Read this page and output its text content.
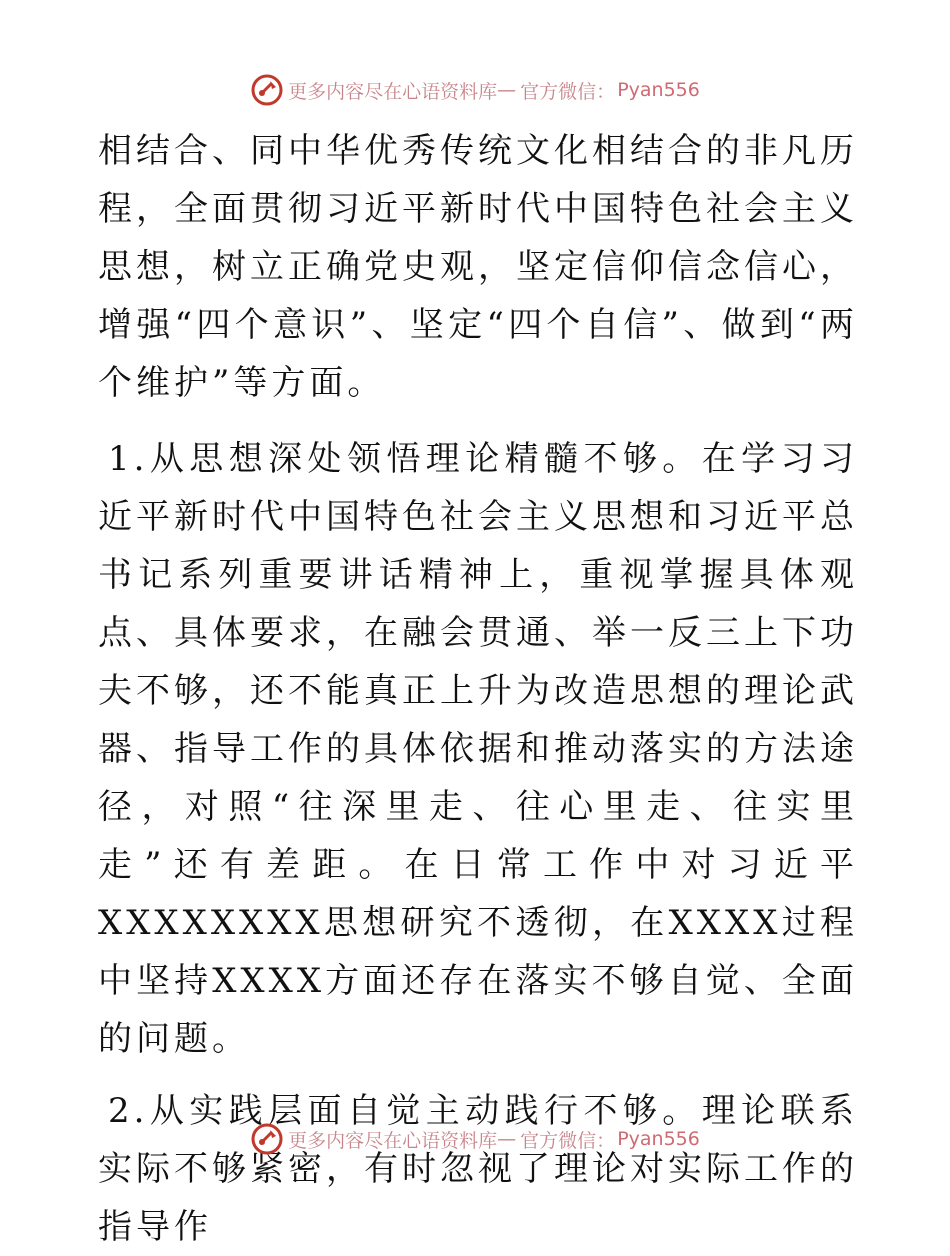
更多内容尽在心语资料库 — 官方微信： Pyan556

相结合、同中华优秀传统文化相结合的非凡历程，全面贯彻习近平新时代中国特色社会主义思想，树立正确党史观，坚定信仰信念信心，增强“四个意识”、坚定“四个自信”、做到“两个维护”等方面。

1.从思想深处领悟理论精髓不够。在学习习近平新时代中国特色社会主义思想和习近平总书记系列重要讲话精神上，重视掌握具体观点、具体要求，在融会贯通、举一反三上下功夫不够，还不能真正上升为改造思想的理论武器、指导工作的具体依据和推动落实的方法途径，对照“往深里走、往心里走、往实里走”还有差距。在日常工作中对习近平XXXXXXXX思想研究不透彻，在XXXX过程中坚持XXXX方面还存在落实不够自觉、全面的问题。

2.从实践层面自觉主动践行不够。理论联系实际不够紧密，有时忽视了理论对实际工作的指导作

更多内容尽在心语资料库 — 官方微信： Pyan556
